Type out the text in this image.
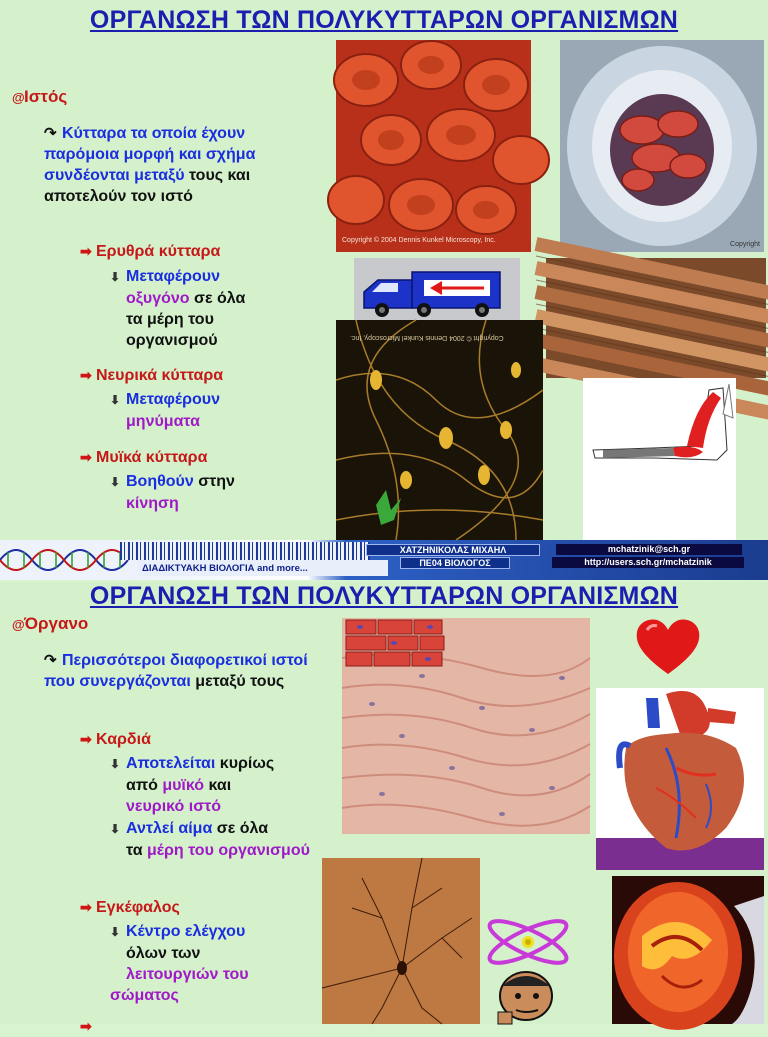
ΟΡΓΑΝΩΣΗ ΤΩΝ ΠΟΛΥΚΥΤΤΑΡΩΝ ΟΡΓΑΝΙΣΜΩΝ
@Ιστός
↷ Κύτταρα τα οποία έχουν παρόμοια μορφή και σχήμα συνδέονται μεταξύ τους και αποτελούν τον ιστό
➡ Ερυθρά κύτταρα
⬇ Μεταφέρουν
οξυγόνο σε όλα
τα μέρη του
οργανισμού
➡ Νευρικά κύτταρα
⬇ Μεταφέρουν
μηνύματα
➡ Μυϊκά κύτταρα
⬇ Βοηθούν στην
κίνηση
Copyright © 2004 Dennis Kunkel Microscopy, Inc.
Copyright
Copyright © 2004 Dennis Kunkel Microscopy, Inc.
ΔΙΑΔΙΚΤΥΑΚΗ ΒΙΟΛΟΓΙΑ and more...
ΧΑΤΖΗΝΙΚΟΛΑΣ ΜΙΧΑΗΛ
ΠΕ04 ΒΙΟΛΟΓΟΣ
mchatzinik@sch.gr
http://users.sch.gr/mchatzinik
ΟΡΓΑΝΩΣΗ ΤΩΝ ΠΟΛΥΚΥΤΤΑΡΩΝ ΟΡΓΑΝΙΣΜΩΝ
@Όργανο
↷ Περισσότεροι διαφορετικοί ιστοί που συνεργάζονται μεταξύ τους
➡ Καρδιά
⬇ Αποτελείται κυρίως
από μυϊκό και
νευρικό ιστό
⬇ Αντλεί αίμα σε όλα
τα μέρη του οργανισμού
➡ Εγκέφαλος
⬇ Κέντρο ελέγχου
όλων των
λειτουργιών του σώματος
➡
